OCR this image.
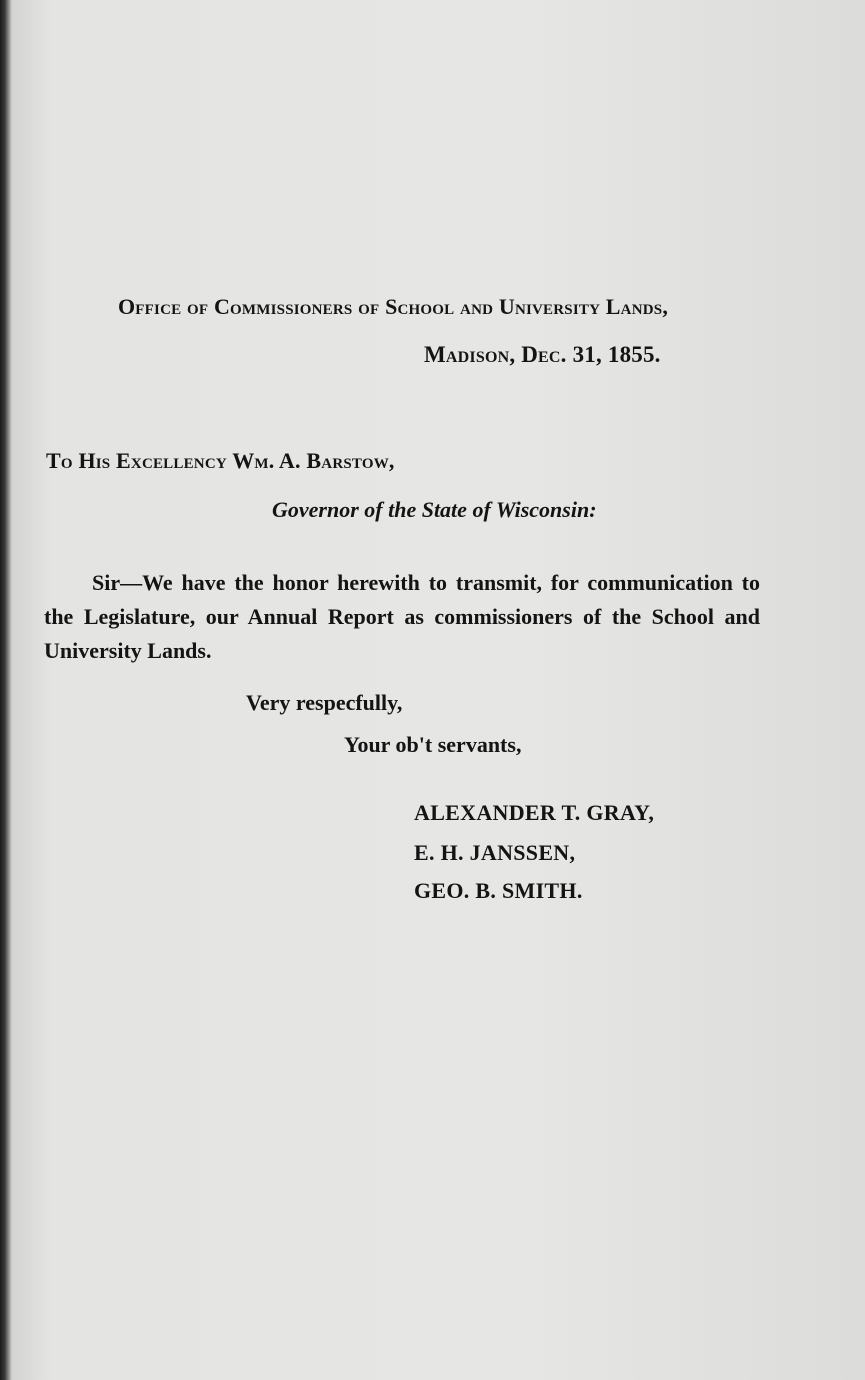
Office of Commissioners of School and University Lands,
Madison, Dec. 31, 1855.
To His Excellency Wm. A. Barstow,
Governor of the State of Wisconsin:
Sir—We have the honor herewith to transmit, for communication to the Legislature, our Annual Report as commissioners of the School and University Lands.
Very respecfully,
Your ob't servants,
ALEXANDER T. GRAY,
E. H. JANSSEN,
GEO. B. SMITH.
